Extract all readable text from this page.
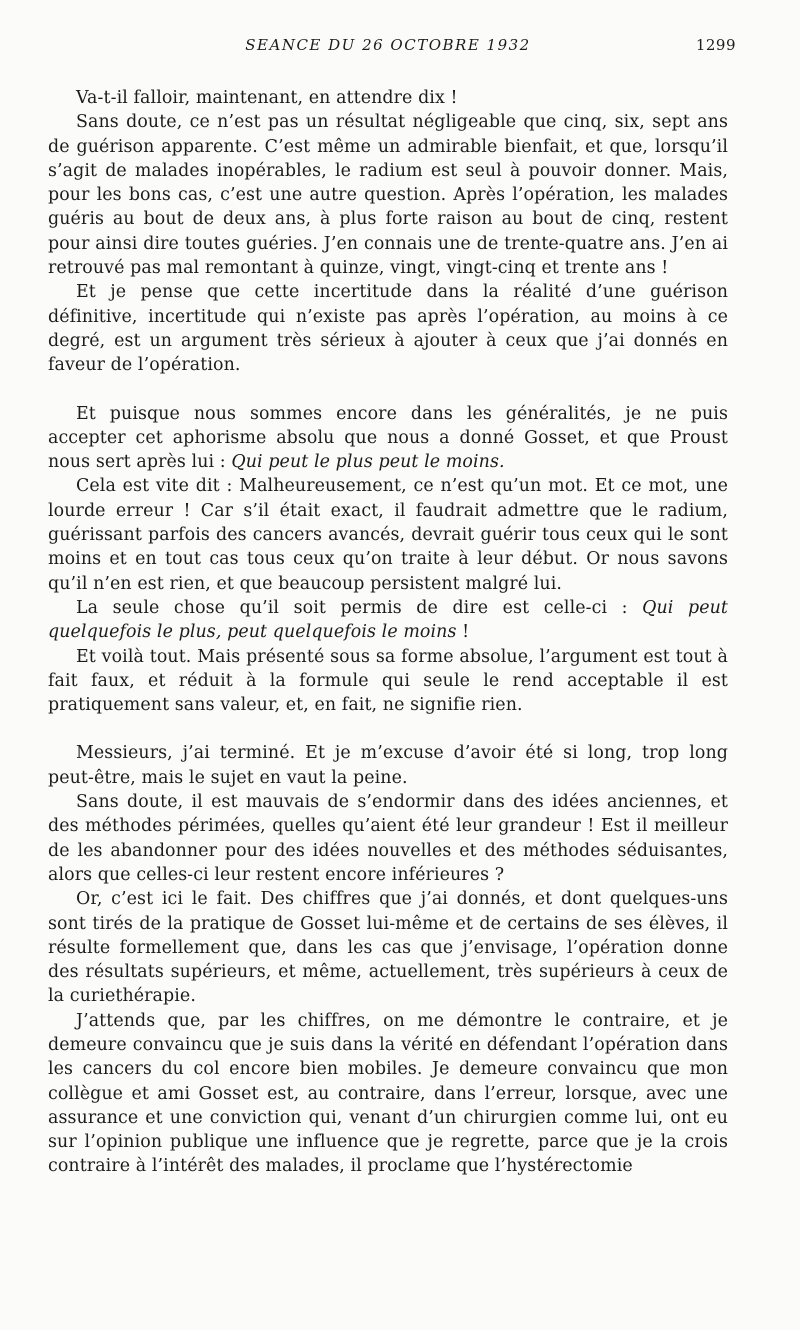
SEANCE DU 26 OCTOBRE 1932	1299

Va-t-il falloir, maintenant, en attendre dix !

Sans doute, ce n’est pas un résultat négligeable que cinq, six, sept ans de guérison apparente. C’est même un admirable bienfait, et que, lorsqu’il s’agit de malades inopérables, le radium est seul à pouvoir donner. Mais, pour les bons cas, c’est une autre question. Après l’opération, les malades guéris au bout de deux ans, à plus forte raison au bout de cinq, restent pour ainsi dire toutes guéries. J’en connais une de trente-quatre ans. J’en ai retrouvé pas mal remontant à quinze, vingt, vingt-cinq et trente ans !

Et je pense que cette incertitude dans la réalité d’une guérison définitive, incertitude qui n’existe pas après l’opération, au moins à ce degré, est un argument très sérieux à ajouter à ceux que j’ai donnés en faveur de l’opération.

Et puisque nous sommes encore dans les généralités, je ne puis accepter cet aphorisme absolu que nous a donné Gosset, et que Proust nous sert après lui : Qui peut le plus peut le moins.

Cela est vite dit : Malheureusement, ce n’est qu’un mot. Et ce mot, une lourde erreur ! Car s’il était exact, il faudrait admettre que le radium, guérissant parfois des cancers avancés, devrait guérir tous ceux qui le sont moins et en tout cas tous ceux qu’on traite à leur début. Or nous savons qu’il n’en est rien, et que beaucoup persistent malgré lui.

La seule chose qu’il soit permis de dire est celle-ci : Qui peut quelquefois le plus, peut quelquefois le moins !

Et voilà tout. Mais présenté sous sa forme absolue, l’argument est tout à fait faux, et réduit à la formule qui seule le rend acceptable il est pratiquement sans valeur, et, en fait, ne signifie rien.

Messieurs, j’ai terminé. Et je m’excuse d’avoir été si long, trop long peut-être, mais le sujet en vaut la peine.

Sans doute, il est mauvais de s’endormir dans des idées anciennes, et des méthodes périmées, quelles qu’aient été leur grandeur ! Est il meilleur de les abandonner pour des idées nouvelles et des méthodes séduisantes, alors que celles-ci leur restent encore inférieures ?

Or, c’est ici le fait. Des chiffres que j’ai donnés, et dont quelques-uns sont tirés de la pratique de Gosset lui-même et de certains de ses élèves, il résulte formellement que, dans les cas que j’envisage, l’opération donne des résultats supérieurs, et même, actuellement, très supérieurs à ceux de la curiethérapie.

J’attends que, par les chiffres, on me démontre le contraire, et je demeure convaincu que je suis dans la vérité en défendant l’opération dans les cancers du col encore bien mobiles. Je demeure convaincu que mon collègue et ami Gosset est, au contraire, dans l’erreur, lorsque, avec une assurance et une conviction qui, venant d’un chirurgien comme lui, ont eu sur l’opinion publique une influence que je regrette, parce que je la crois contraire à l’intérêt des malades, il proclame que l’hystérectomie
